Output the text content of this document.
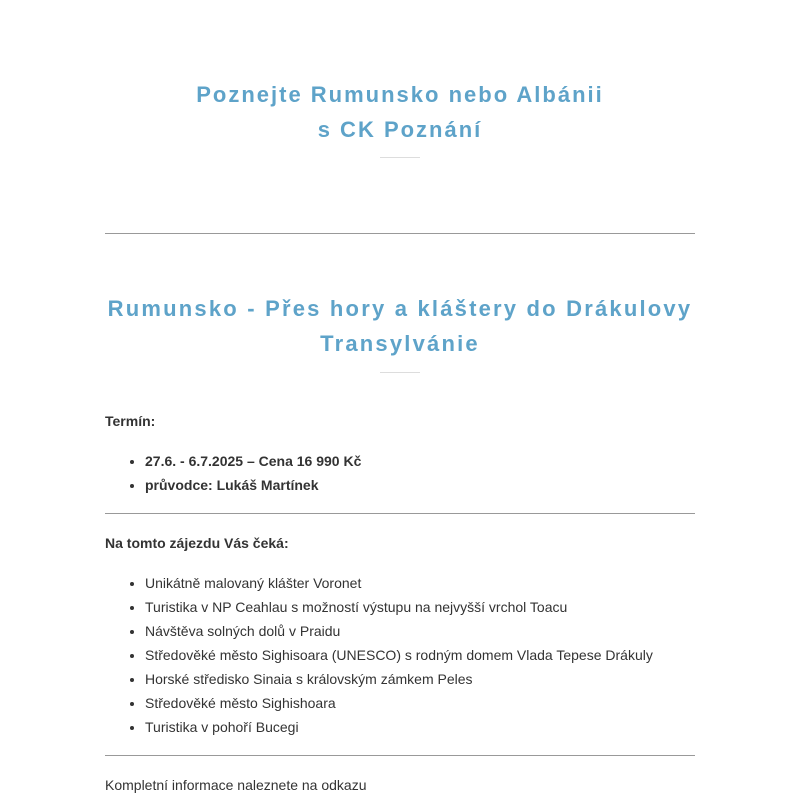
Poznejte Rumunsko nebo Albánii
s CK Poznání
Rumunsko - Přes hory a kláštery do Drákulovy
Transylvánie

Termín:

• 27.6. - 6.7.2025 – Cena 16 990 Kč
• průvodce: Lukáš Martínek

Na tomto zájezdu Vás čeká:

• Unikátně malovaný klášter Voronet
• Turistika v NP Ceahlau s možností výstupu na nejvyšší vrchol Toacu
• Návštěva solných dolů v Praidu
• Středověké město Sighisoara (UNESCO) s rodným domem Vlada Tepese Drákuly
• Horské středisko Sinaia s královským zámkem Peles
• Středověké město Sighishoara
• Turistika v pohoří Bucegi

Kompletní informace naleznete na odkazu
